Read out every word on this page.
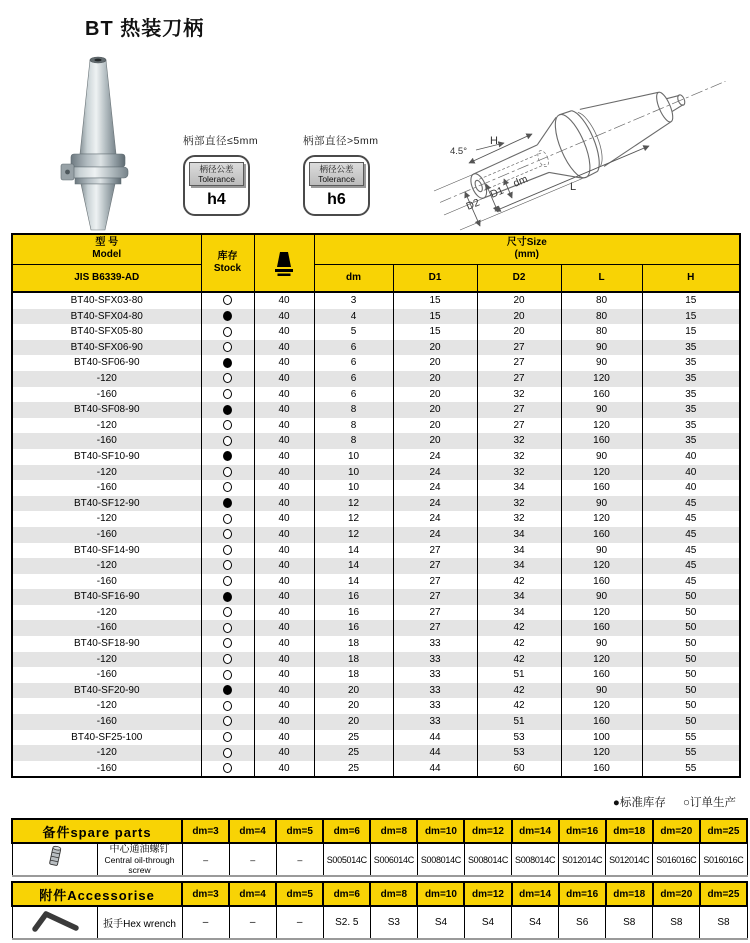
BT 热装刀柄
柄部直径≤5mm
柄径公差
Tolerance
h4
柄部直径>5mm
柄径公差
Tolerance
h6
H
4.5°
dm
D1
D2
L
型 号
Model	库存
Stock		尺寸Size
(mm)				

JIS B6339-AD			dm	D1	D2	L	H
BT40-SFX03-80		40	3	15	20	80	15
BT40-SFX04-80		40	4	15	20	80	15
BT40-SFX05-80		40	5	15	20	80	15
BT40-SFX06-90		40	6	20	27	90	35
BT40-SF06-90		40	6	20	27	90	35
-120		40	6	20	27	120	35
-160		40	6	20	32	160	35
BT40-SF08-90		40	8	20	27	90	35
-120		40	8	20	27	120	35
-160		40	8	20	32	160	35
BT40-SF10-90		40	10	24	32	90	40
-120		40	10	24	32	120	40
-160		40	10	24	34	160	40
BT40-SF12-90		40	12	24	32	90	45
-120		40	12	24	32	120	45
-160		40	12	24	34	160	45
BT40-SF14-90		40	14	27	34	90	45
-120		40	14	27	34	120	45
-160		40	14	27	42	160	45
BT40-SF16-90		40	16	27	34	90	50
-120		40	16	27	34	120	50
-160		40	16	27	42	160	50
BT40-SF18-90		40	18	33	42	90	50
-120		40	18	33	42	120	50
-160		40	18	33	51	160	50
BT40-SF20-90		40	20	33	42	90	50
-120		40	20	33	42	120	50
-160		40	20	33	51	160	50
BT40-SF25-100		40	25	44	53	100	55
-120		40	25	44	53	120	55
-160		40	25	44	60	160	55
●标准库存 ○订单生产
备件spare parts		dm=3	dm=4	dm=5	dm=6	dm=8	dm=10	dm=12	dm=14	dm=16	dm=18	dm=20	dm=25

中心通油螺钉
Central oil-through screw	–	–	–	S005014C	S006014C	S008014C	S008014C	S008014C	S012014C	S012014C	S016016C	S016016C
附件Accessorise		dm=3	dm=4	dm=5	dm=6	dm=8	dm=10	dm=12	dm=14	dm=16	dm=18	dm=20	dm=25
	扳手Hex wrench	–	–	–	S2. 5	S3	S4	S4	S4	S6	S8	S8	S8
